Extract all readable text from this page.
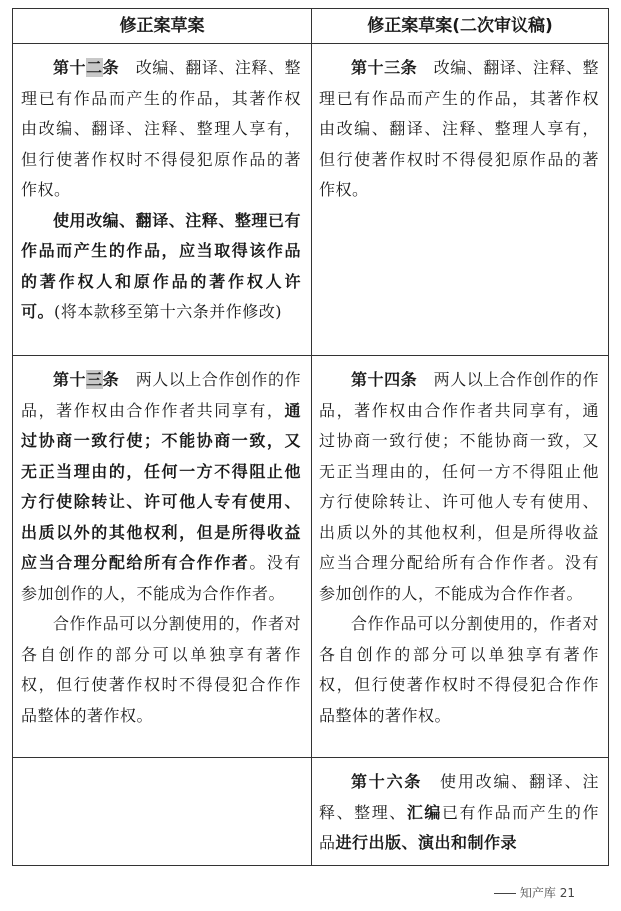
修正案草案	修正案草案(二次审议稿)

第十二条　改编、翻译、注释、整理已有作品而产生的作品，其著作权由改编、翻译、注释、整理人享有，但行使著作权时不得侵犯原作品的著作权。

使用改编、翻译、注释、整理已有作品而产生的作品，应当取得该作品的著作权人和原作品的著作权人许可。(将本款移至第十六条并作修改)

第十三条　改编、翻译、注释、整理已有作品而产生的作品，其著作权由改编、翻译、注释、整理人享有，但行使著作权时不得侵犯原作品的著作权。

第十三条　两人以上合作创作的作品，著作权由合作作者共同享有，通过协商一致行使；不能协商一致，又无正当理由的，任何一方不得阻止他方行使除转让、许可他人专有使用、出质以外的其他权利，但是所得收益应当合理分配给所有合作作者。没有参加创作的人，不能成为合作作者。

合作作品可以分割使用的，作者对各自创作的部分可以单独享有著作权，但行使著作权时不得侵犯合作作品整体的著作权。

第十四条　两人以上合作创作的作品，著作权由合作作者共同享有，通过协商一致行使；不能协商一致，又无正当理由的，任何一方不得阻止他方行使除转让、许可他人专有使用、出质以外的其他权利，但是所得收益应当合理分配给所有合作作者。没有参加创作的人，不能成为合作作者。

合作作品可以分割使用的，作者对各自创作的部分可以单独享有著作权，但行使著作权时不得侵犯合作作品整体的著作权。

第十六条　使用改编、翻译、注释、整理、汇编已有作品而产生的作品进行出版、演出和制作录

知产库 21
